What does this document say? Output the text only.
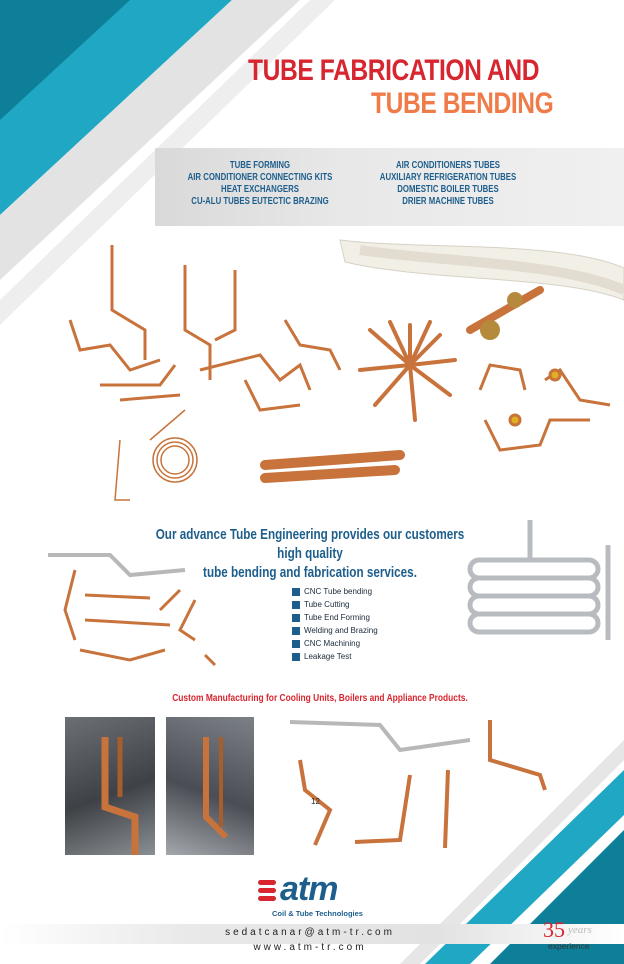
TUBE FABRICATION AND
TUBE BENDING
TUBE FORMING
AIR CONDITIONER CONNECTING KITS
HEAT EXCHANGERS
CU-ALU TUBES EUTECTIC BRAZING
AIR CONDITIONERS TUBES
AUXILIARY REFRIGERATION TUBES
DOMESTIC BOILER TUBES
DRIER MACHINE TUBES
Our advance Tube Engineering provides our customers high quality
tube bending and fabrication services.
CNC Tube bending
Tube Cutting
Tube End Forming
Welding and Brazing
CNC Machining
Leakage Test
Custom Manufacturing for Cooling Units, Boilers and Appliance Products.
12
atm
Coil & Tube Technologies
sedatcanar@atm-tr.com
www.atm-tr.com
35 years
experience
